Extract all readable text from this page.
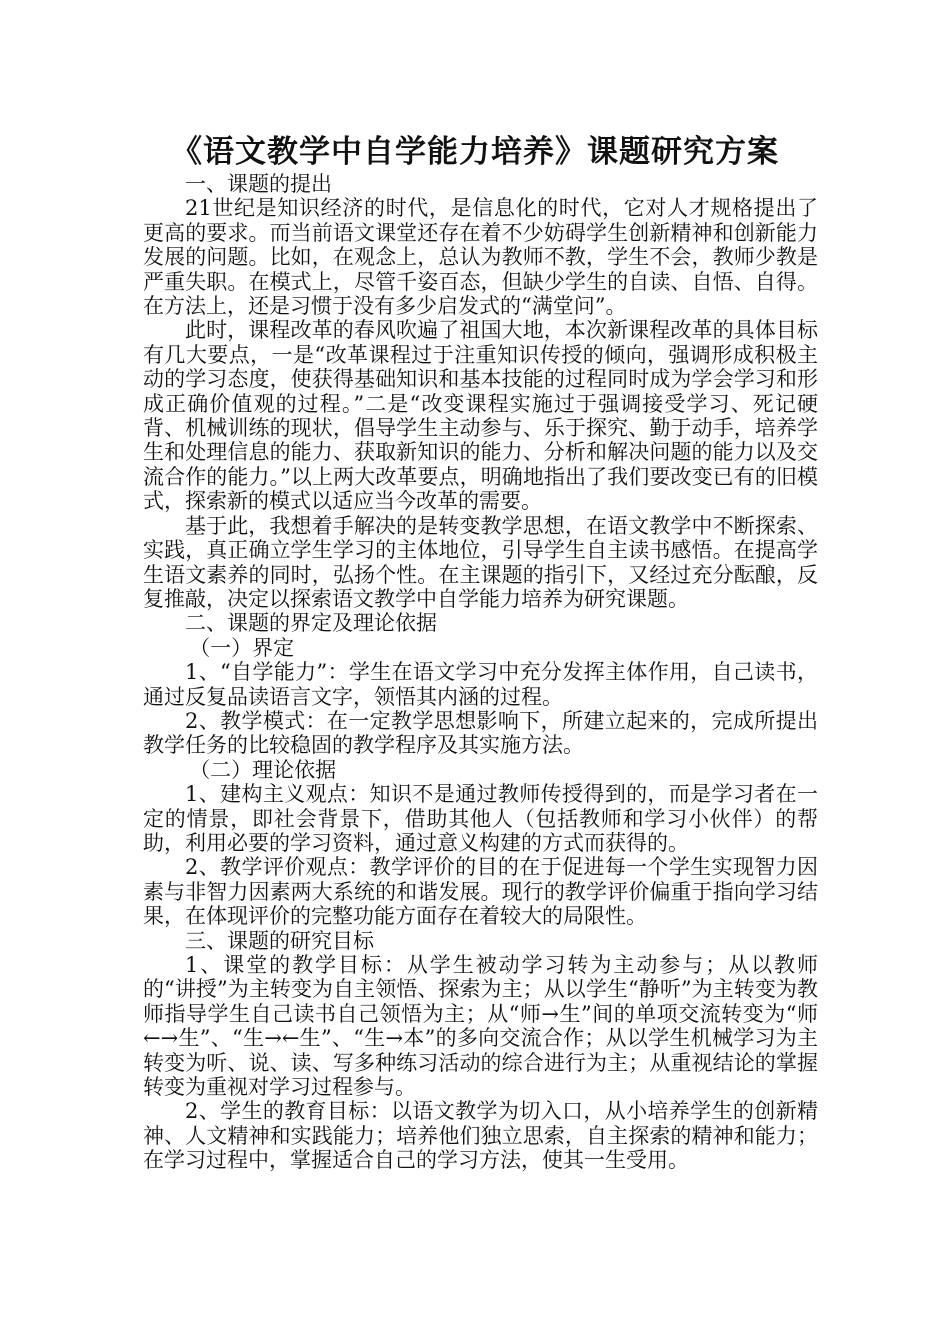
《语文教学中自学能力培养》课题研究方案

一、课题的提出

21世纪是知识经济的时代，是信息化的时代，它对人才规格提出了更高的要求。而当前语文课堂还存在着不少妨碍学生创新精神和创新能力发展的问题。比如，在观念上，总认为教师不教，学生不会，教师少教是严重失职。在模式上，尽管千姿百态，但缺少学生的自读、自悟、自得。在方法上，还是习惯于没有多少启发式的“满堂问”。

此时，课程改革的春风吹遍了祖国大地，本次新课程改革的具体目标有几大要点，一是“改革课程过于注重知识传授的倾向，强调形成积极主动的学习态度，使获得基础知识和基本技能的过程同时成为学会学习和形成正确价值观的过程。”二是“改变课程实施过于强调接受学习、死记硬背、机械训练的现状，倡导学生主动参与、乐于探究、勤于动手，培养学生和处理信息的能力、获取新知识的能力、分析和解决问题的能力以及交流合作的能力。”以上两大改革要点，明确地指出了我们要改变已有的旧模式，探索新的模式以适应当今改革的需要。

基于此，我想着手解决的是转变教学思想，在语文教学中不断探索、实践，真正确立学生学习的主体地位，引导学生自主读书感悟。在提高学生语文素养的同时，弘扬个性。在主课题的指引下，又经过充分酝酿，反复推敲，决定以探索语文教学中自学能力培养为研究课题。

二、课题的界定及理论依据

（一）界定

1、“自学能力”：学生在语文学习中充分发挥主体作用，自己读书，通过反复品读语言文字，领悟其内涵的过程。

2、教学模式：在一定教学思想影响下，所建立起来的，完成所提出教学任务的比较稳固的教学程序及其实施方法。

（二）理论依据

1、建构主义观点：知识不是通过教师传授得到的，而是学习者在一定的情景，即社会背景下，借助其他人（包括教师和学习小伙伴）的帮助，利用必要的学习资料，通过意义构建的方式而获得的。

2、教学评价观点：教学评价的目的在于促进每一个学生实现智力因素与非智力因素两大系统的和谐发展。现行的教学评价偏重于指向学习结果，在体现评价的完整功能方面存在着较大的局限性。

三、课题的研究目标

1、课堂的教学目标：从学生被动学习转为主动参与；从以教师的“讲授”为主转变为自主领悟、探索为主；从以学生“静听”为主转变为教师指导学生自己读书自己领悟为主；从“师→生”间的单项交流转变为“师←→生”、“生→←生”、“生→本”的多向交流合作；从以学生机械学习为主转变为听、说、读、写多种练习活动的综合进行为主；从重视结论的掌握转变为重视对学习过程参与。

2、学生的教育目标：以语文教学为切入口，从小培养学生的创新精神、人文精神和实践能力；培养他们独立思索，自主探索的精神和能力；在学习过程中，掌握适合自己的学习方法，使其一生受用。
